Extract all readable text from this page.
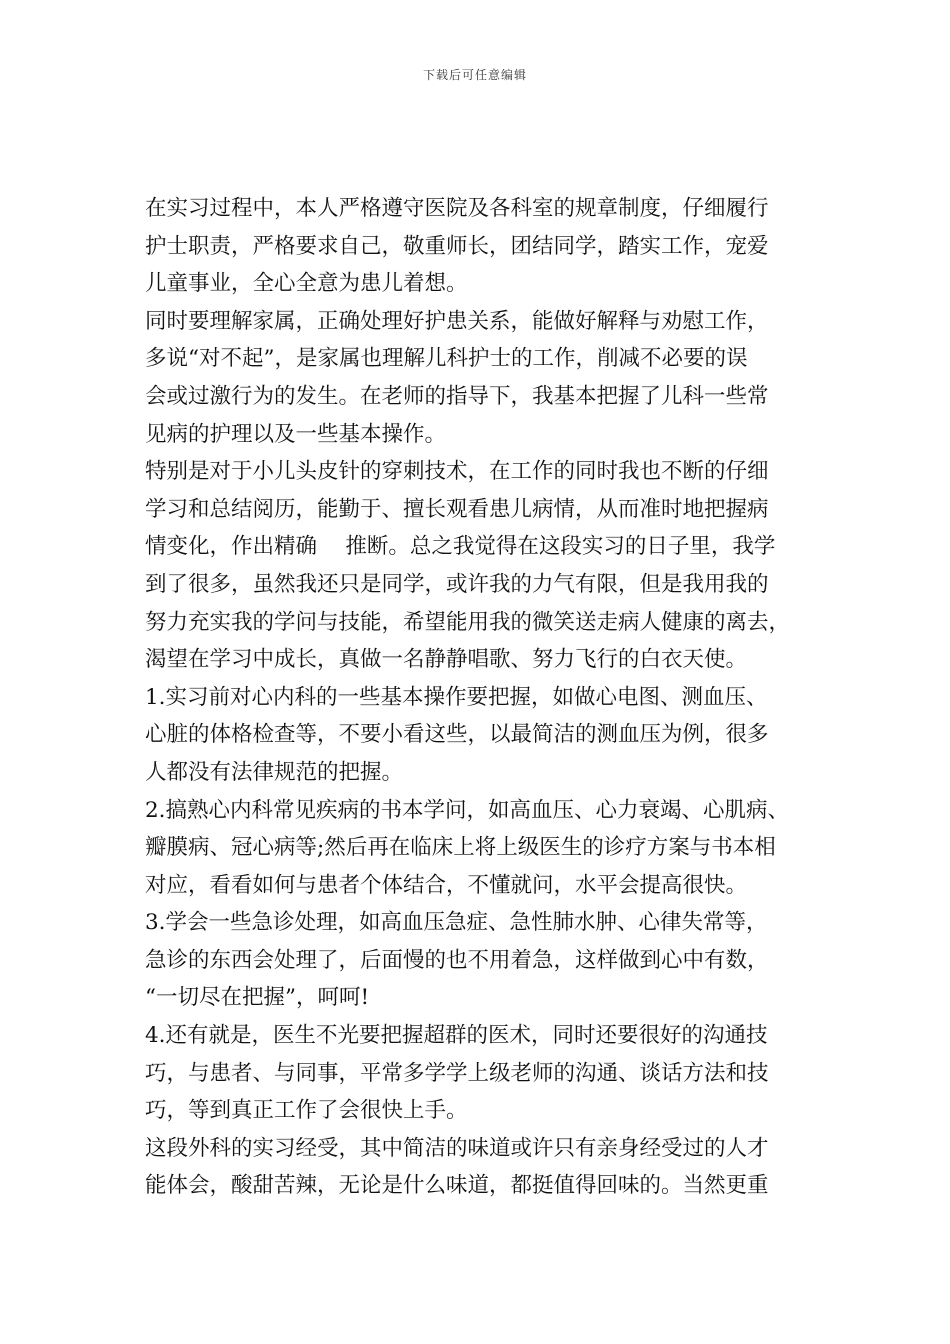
下载后可任意编辑
在实习过程中，本人严格遵守医院及各科室的规章制度，仔细履行
护士职责，严格要求自己，敬重师长，团结同学，踏实工作，宠爱
儿童事业，全心全意为患儿着想。
同时要理解家属，正确处理好护患关系，能做好解释与劝慰工作，
多说“对不起”，是家属也理解儿科护士的工作，削减不必要的误
会或过激行为的发生。在老师的指导下，我基本把握了儿科一些常
见病的护理以及一些基本操作。
特别是对于小儿头皮针的穿刺技术，在工作的同时我也不断的仔细
学习和总结阅历，能勤于、擅长观看患儿病情，从而准时地把握病
情变化，作出精确　 推断。总之我觉得在这段实习的日子里，我学
到了很多，虽然我还只是同学，或许我的力气有限，但是我用我的
努力充实我的学问与技能，希望能用我的微笑送走病人健康的离去，
渴望在学习中成长，真做一名静静唱歌、努力飞行的白衣天使。
1.实习前对心内科的一些基本操作要把握，如做心电图、测血压、
心脏的体格检查等，不要小看这些，以最简洁的测血压为例，很多
人都没有法律规范的把握。
2.搞熟心内科常见疾病的书本学问，如高血压、心力衰竭、心肌病、
瓣膜病、冠心病等;然后再在临床上将上级医生的诊疗方案与书本相
对应，看看如何与患者个体结合，不懂就问，水平会提高很快。
3.学会一些急诊处理，如高血压急症、急性肺水肿、心律失常等，
急诊的东西会处理了，后面慢的也不用着急，这样做到心中有数，
“一切尽在把握”，呵呵!
4.还有就是，医生不光要把握超群的医术，同时还要很好的沟通技
巧，与患者、与同事，平常多学学上级老师的沟通、谈话方法和技
巧，等到真正工作了会很快上手。
这段外科的实习经受，其中简洁的味道或许只有亲身经受过的人才
能体会，酸甜苦辣，无论是什么味道，都挺值得回味的。当然更重
